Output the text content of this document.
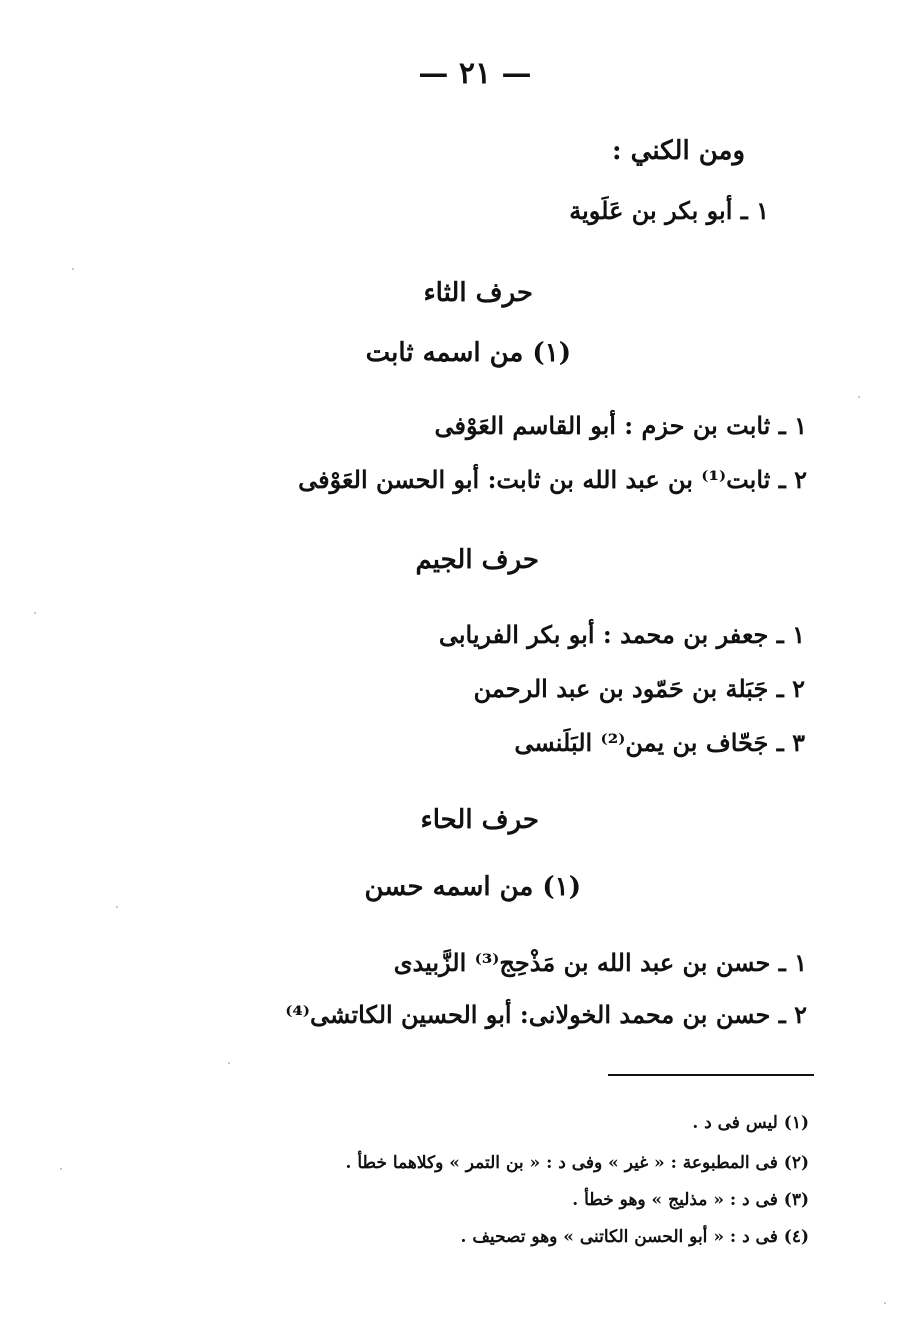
— ٢١ —
ومن الكني :
١ ـ أبو بكر بن عَلَوية
حرف الثاء
(١) من اسمه ثابت
١ ـ ثابت بن حزم : أبو القاسم العَوْفى
٢ ـ ثابت⁽¹⁾ بن عبد الله بن ثابت: أبو الحسن العَوْفى
حرف الجيم
١ ـ جعفر بن محمد : أبو بكر الفريابى
٢ ـ جَبَلة بن حَمّود بن عبد الرحمن
٣ ـ جَحّاف بن يمن⁽²⁾ البَلَنسى
حرف الحاء
(١) من اسمه حسن
١ ـ حسن بن عبد الله بن مَذْحِج⁽³⁾ الزَّبيدى
٢ ـ حسن بن محمد الخولانى: أبو الحسين الكاتشى⁽⁴⁾
(١) ليس فى د .
(٢) فى المطبوعة : « غير » وفى د : « بن التمر » وكلاهما خطأ .
(٣) فى د : « مذليج » وهو خطأ .
(٤) فى د : « أبو الحسن الكاتنى » وهو تصحيف .
